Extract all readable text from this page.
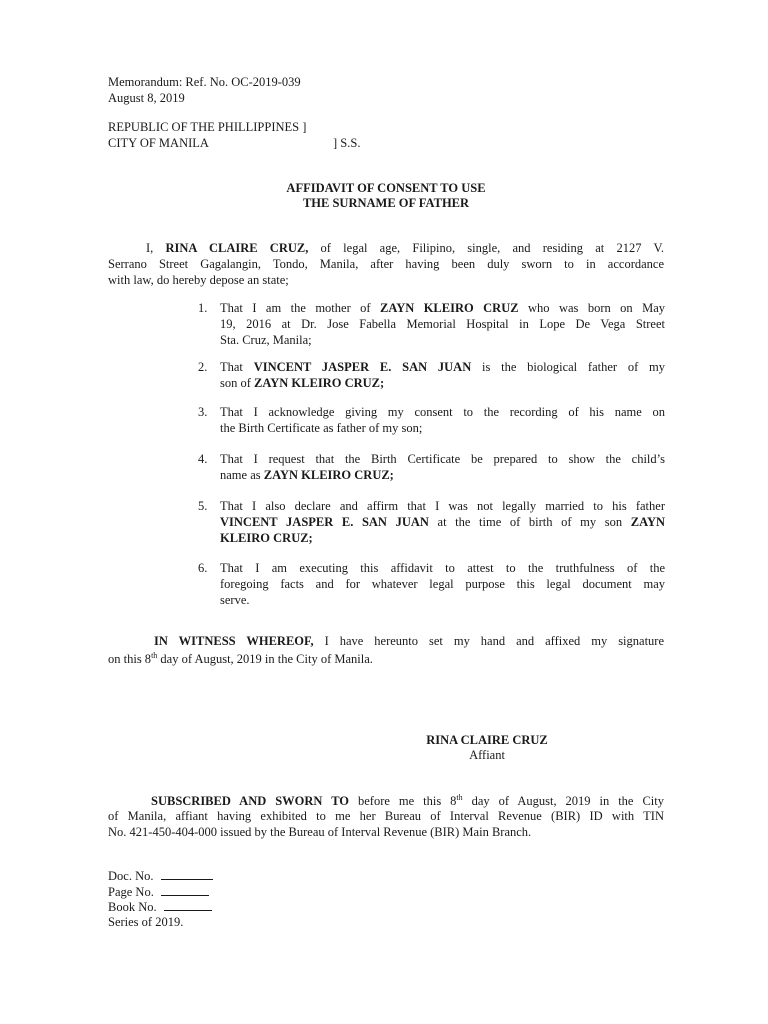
Memorandum: Ref. No. OC-2019-039
August 8, 2019
REPUBLIC OF THE PHILLIPPINES ]
CITY OF MANILA	] S.S.
AFFIDAVIT OF CONSENT TO USE
THE SURNAME OF FATHER
I, RINA CLAIRE CRUZ, of legal age, Filipino, single, and residing at 2127 V.
Serrano Street Gagalangin, Tondo, Manila, after having been duly sworn to in accordance
with law, do hereby depose an state;
1.	That I am the mother of ZAYN KLEIRO CRUZ who was born on May
19, 2016 at Dr. Jose Fabella Memorial Hospital in Lope De Vega Street
Sta. Cruz, Manila;
2.	That VINCENT JASPER E. SAN JUAN is the biological father of my
son of ZAYN KLEIRO CRUZ;
3.	That I acknowledge giving my consent to the recording of his name on
the Birth Certificate as father of my son;
4.	That I request that the Birth Certificate be prepared to show the child’s
name as ZAYN KLEIRO CRUZ;
5.	That I also declare and affirm that I was not legally married to his father
VINCENT JASPER E. SAN JUAN at the time of birth of my son ZAYN
KLEIRO CRUZ;
6.	That I am executing this affidavit to attest to the truthfulness of the
foregoing facts and for whatever legal purpose this legal document may
serve.
IN WITNESS WHEREOF, I have hereunto set my hand and affixed my signature
on this 8th day of August, 2019 in the City of Manila.
RINA CLAIRE CRUZ
Affiant
SUBSCRIBED AND SWORN TO before me this 8th day of August, 2019 in the City
of Manila, affiant having exhibited to me her Bureau of Interval Revenue (BIR) ID with TIN
No. 421-450-404-000 issued by the Bureau of Interval Revenue (BIR) Main Branch.
Doc. No.
Page No.
Book No.
Series of 2019.
